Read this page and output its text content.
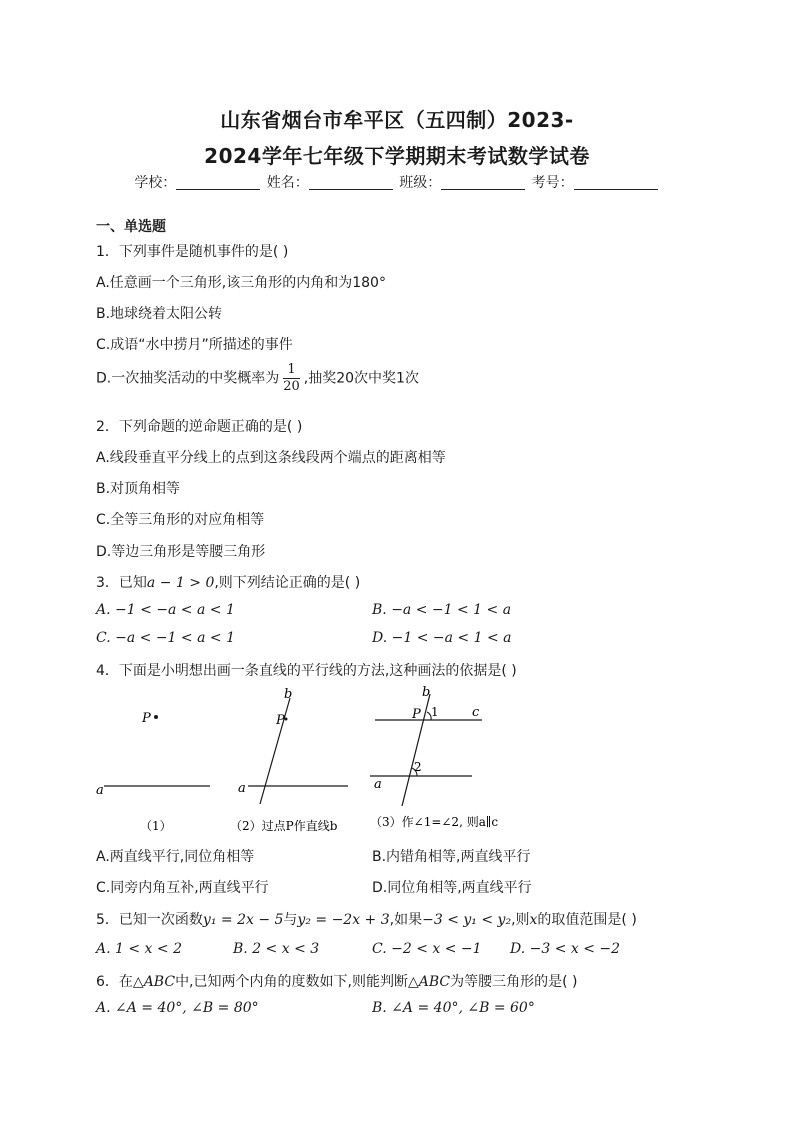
山东省烟台市牟平区（五四制）2023-
2024学年七年级下学期期末考试数学试卷
学校：	姓名：	班级：	考号：
一、单选题
1．下列事件是随机事件的是( )
A.任意画一个三角形,该三角形的内角和为180°
B.地球绕着太阳公转
C.成语“水中捞月”所描述的事件
D.一次抽奖活动的中奖概率为 $\frac{1}{20}$ ,抽奖20次中奖1次
2．下列命题的逆命题正确的是( )
A.线段垂直平分线上的点到这条线段两个端点的距离相等
B.对顶角相等
C.全等三角形的对应角相等
D.等边三角形是等腰三角形
3．已知a − 1 > 0,则下列结论正确的是( )
A. −1 < −a < a < 1	B. −a < −1 < 1 < a
C. −a < −1 < a < 1	D. −1 < −a < 1 < a
4．下面是小明想出画一条直线的平行线的方法,这种画法的依据是( )
P
a
（1）
b
P
a
（2）过点P作直线b
c
a
b
P 1
2
（3）作∠1=∠2, 则a∥c
A.两直线平行,同位角相等	B.内错角相等,两直线平行
C.同旁内角互补,两直线平行	D.同位角相等,两直线平行
5．已知一次函数y₁ = 2x − 5与y₂ = −2x + 3,如果−3 < y₁ < y₂,则x的取值范围是( )
A. 1 < x < 2	B. 2 < x < 3	C. −2 < x < −1 D. −3 < x < −2
6．在△ABC中,已知两个内角的度数如下,则能判断△ABC为等腰三角形的是( )
A. ∠A = 40°, ∠B = 80°	B. ∠A = 40°, ∠B = 60°
